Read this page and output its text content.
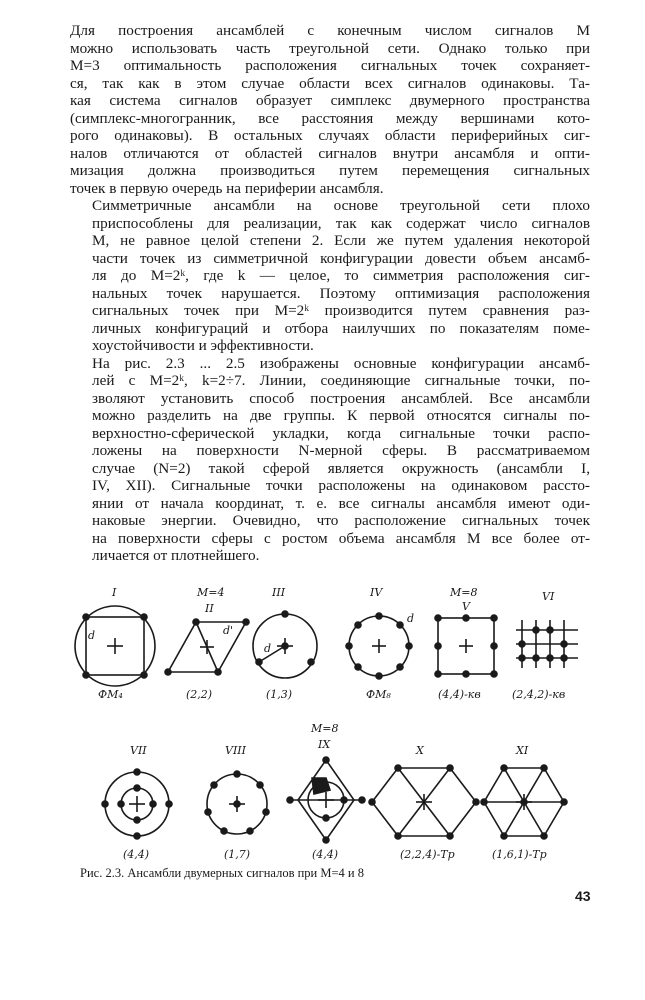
Для построения ансамблей с конечным числом сигналов M
можно использовать часть треугольной сети. Однако только при
M=3 оптимальность расположения сигнальных точек сохраняет-
ся, так как в этом случае области всех сигналов одинаковы. Та-
кая система сигналов образует симплекс двумерного пространства
(симплекс-многогранник, все расстояния между вершинами кото-
рого одинаковы). В остальных случаях области периферийных сиг-
налов отличаются от областей сигналов внутри ансамбля и опти-
мизация должна производиться путем перемещения сигнальных
точек в первую очередь на периферии ансамбля.

Симметричные ансамбли на основе треугольной сети плохо
приспособлены для реализации, так как содержат число сигналов
M, не равное целой степени 2. Если же путем удаления некоторой
части точек из симметричной конфигурации довести объем ансамб-
ля до M=2ᵏ, где k — целое, то симметрия расположения сиг-
нальных точек нарушается. Поэтому оптимизация расположения
сигнальных точек при M=2ᵏ производится путем сравнения раз-
личных конфигураций и отбора наилучших по показателям поме-
хоустойчивости и эффективности.

На рис. 2.3 ... 2.5 изображены основные конфигурации ансамб-
лей с M=2ᵏ, k=2÷7. Линии, соединяющие сигнальные точки, по-
зволяют установить способ построения ансамблей. Все ансамбли
можно разделить на две группы. К первой относятся сигналы по-
верхностно-сферической укладки, когда сигнальные точки распо-
ложены на поверхности N-мерной сферы. В рассматриваемом
случае (N=2) такой сферой является окружность (ансамбли I,
IV, XII). Сигнальные точки расположены на одинаковом рассто-
янии от начала координат, т. е. все сигналы ансамбля имеют оди-
наковые энергии. Очевидно, что расположение сигнальных точек
на поверхности сферы с ростом объема ансамбля M все более от-
личается от плотнейшего.

I
d
ФM₄
M=4
II
d'
(2,2)
III
d
(1,3)
IV
d
ФM₈
M=8
V
(4,4)-кв
VI
(2,4,2)-кв
VII
(4,4)
VIII
(1,7)
M=8
IX
(4,4)
X
(2,2,4)-Тр
XI
(1,6,1)-Тр
Рис. 2.3. Ансамбли двумерных сигналов при M=4 и 8
43
